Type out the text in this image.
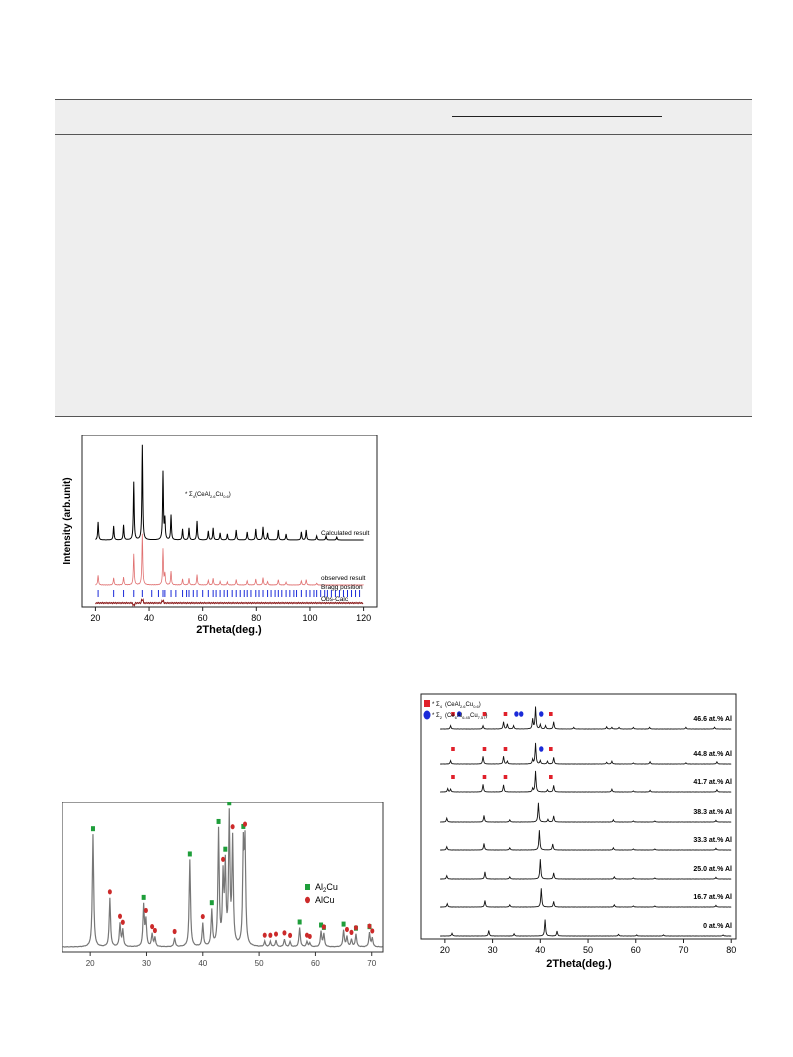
20	40	60	80	100	120
* $\Sigma_4(CeAl_{2.6}Cu_{0.6})$
Calculated result
observed result
Bragg position
Obs-Calc
2Theta(deg.)
Intensity (arb.unit)
20	30	40	50	60	70
$Al_2Cu$
AlCu
20	30	40	50	60	70	80
* $\Sigma_4$ $(CeAl_{2.6}Cu_{0.6})$
* $\Sigma_2$ $(Ce_6Al_{6.45}Cu_{7.57})$	46.6 at.% Al
44.8 at.% Al
41.7 at.% Al
38.3 at.% Al
33.3 at.% Al
25.0 at.% Al
16.7 at.% Al
0 at.% Al
2Theta(deg.)
